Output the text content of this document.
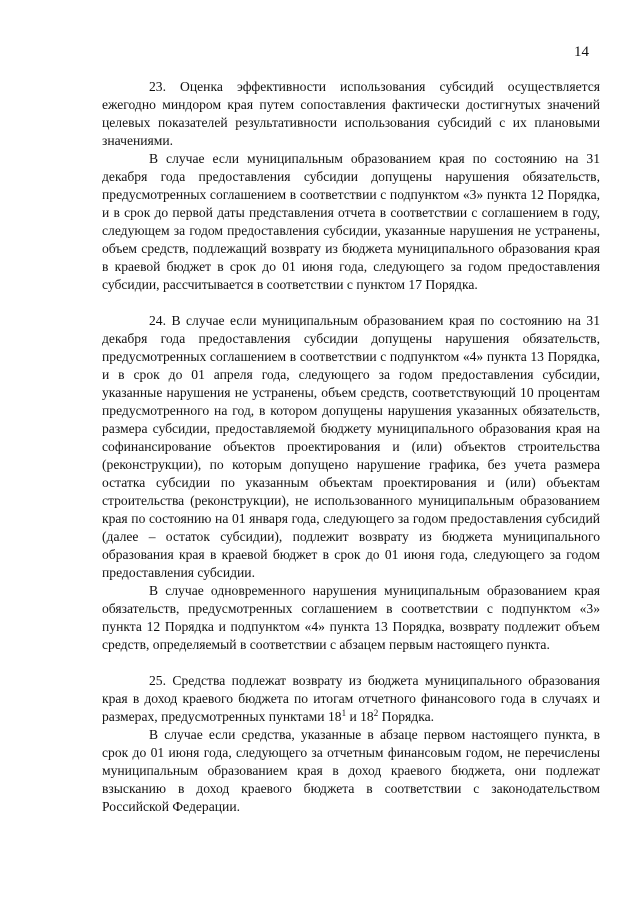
14

23. Оценка эффективности использования субсидий осуществляется ежегодно миндором края путем сопоставления фактически достигнутых значений целевых показателей результативности использования субсидий с их плановыми значениями.

В случае если муниципальным образованием края по состоянию на 31 декабря года предоставления субсидии допущены нарушения обязательств, предусмотренных соглашением в соответствии с подпунктом «3» пункта 12 Порядка, и в срок до первой даты представления отчета в соответствии с соглашением в году, следующем за годом предоставления субсидии, указанные нарушения не устранены, объем средств, подлежащий возврату из бюджета муниципального образования края в краевой бюджет в срок до 01 июня года, следующего за годом предоставления субсидии, рассчитывается в соответствии с пунктом 17 Порядка.

24. В случае если муниципальным образованием края по состоянию на 31 декабря года предоставления субсидии допущены нарушения обязательств, предусмотренных соглашением в соответствии с подпунктом «4» пункта 13 Порядка, и в срок до 01 апреля года, следующего за годом предоставления субсидии, указанные нарушения не устранены, объем средств, соответствующий 10 процентам предусмотренного на год, в котором допущены нарушения указанных обязательств, размера субсидии, предоставляемой бюджету муниципального образования края на софинансирование объектов проектирования и (или) объектов строительства (реконструкции), по которым допущено нарушение графика, без учета размера остатка субсидии по указанным объектам проектирования и (или) объектам строительства (реконструкции), не использованного муниципальным образованием края по состоянию на 01 января года, следующего за годом предоставления субсидий (далее – остаток субсидии), подлежит возврату из бюджета муниципального образования края в краевой бюджет в срок до 01 июня года, следующего за годом предоставления субсидии.

В случае одновременного нарушения муниципальным образованием края обязательств, предусмотренных соглашением в соответствии с подпунктом «3» пункта 12 Порядка и подпунктом «4» пункта 13 Порядка, возврату подлежит объем средств, определяемый в соответствии с абзацем первым настоящего пункта.

25. Средства подлежат возврату из бюджета муниципального образования края в доход краевого бюджета по итогам отчетного финансового года в случаях и размерах, предусмотренных пунктами $18^1$ и $18^2$ Порядка.

В случае если средства, указанные в абзаце первом настоящего пункта, в срок до 01 июня года, следующего за отчетным финансовым годом, не перечислены муниципальным образованием края в доход краевого бюджета, они подлежат взысканию в доход краевого бюджета в соответствии с законодательством Российской Федерации.
